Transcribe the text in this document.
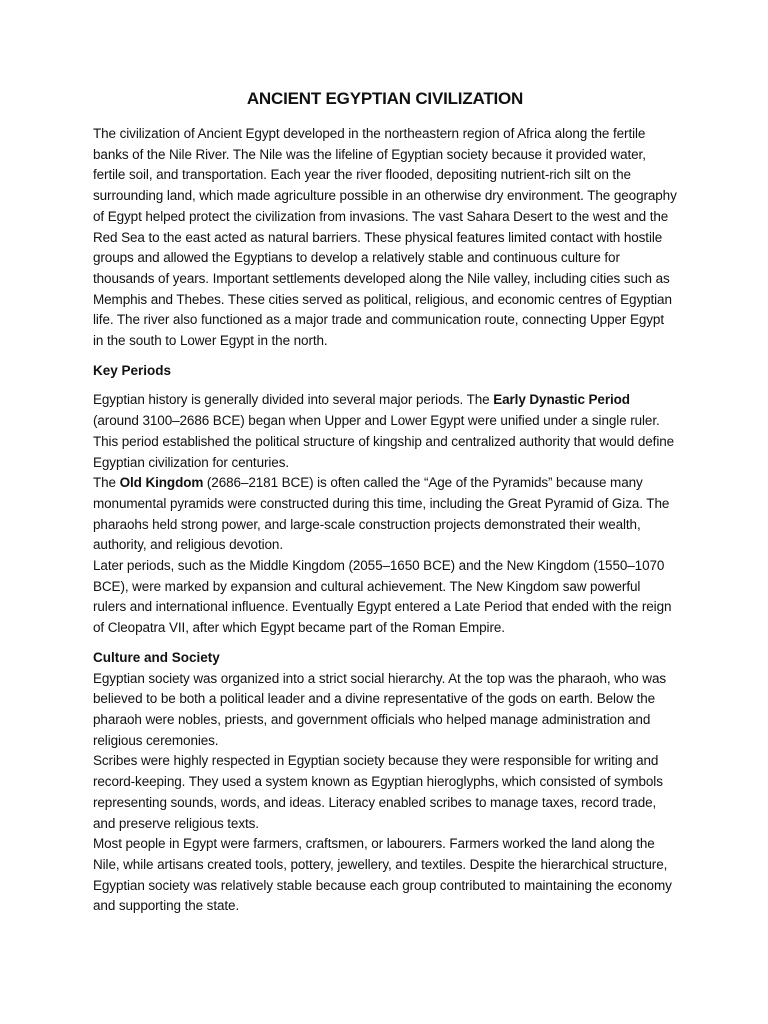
ANCIENT EGYPTIAN CIVILIZATION

The civilization of Ancient Egypt developed in the northeastern region of Africa along the fertile banks of the Nile River. The Nile was the lifeline of Egyptian society because it provided water, fertile soil, and transportation. Each year the river flooded, depositing nutrient-rich silt on the surrounding land, which made agriculture possible in an otherwise dry environment. The geography of Egypt helped protect the civilization from invasions. The vast Sahara Desert to the west and the Red Sea to the east acted as natural barriers. These physical features limited contact with hostile groups and allowed the Egyptians to develop a relatively stable and continuous culture for thousands of years. Important settlements developed along the Nile valley, including cities such as Memphis and Thebes. These cities served as political, religious, and economic centres of Egyptian life. The river also functioned as a major trade and communication route, connecting Upper Egypt in the south to Lower Egypt in the north.

Key Periods

Egyptian history is generally divided into several major periods. The Early Dynastic Period (around 3100–2686 BCE) began when Upper and Lower Egypt were unified under a single ruler. This period established the political structure of kingship and centralized authority that would define Egyptian civilization for centuries.

The Old Kingdom (2686–2181 BCE) is often called the “Age of the Pyramids” because many monumental pyramids were constructed during this time, including the Great Pyramid of Giza. The pharaohs held strong power, and large-scale construction projects demonstrated their wealth, authority, and religious devotion.

Later periods, such as the Middle Kingdom (2055–1650 BCE) and the New Kingdom (1550–1070 BCE), were marked by expansion and cultural achievement. The New Kingdom saw powerful rulers and international influence. Eventually Egypt entered a Late Period that ended with the reign of Cleopatra VII, after which Egypt became part of the Roman Empire.

Culture and Society

Egyptian society was organized into a strict social hierarchy. At the top was the pharaoh, who was believed to be both a political leader and a divine representative of the gods on earth. Below the pharaoh were nobles, priests, and government officials who helped manage administration and religious ceremonies.

Scribes were highly respected in Egyptian society because they were responsible for writing and record-keeping. They used a system known as Egyptian hieroglyphs, which consisted of symbols representing sounds, words, and ideas. Literacy enabled scribes to manage taxes, record trade, and preserve religious texts.

Most people in Egypt were farmers, craftsmen, or labourers. Farmers worked the land along the Nile, while artisans created tools, pottery, jewellery, and textiles. Despite the hierarchical structure, Egyptian society was relatively stable because each group contributed to maintaining the economy and supporting the state.
